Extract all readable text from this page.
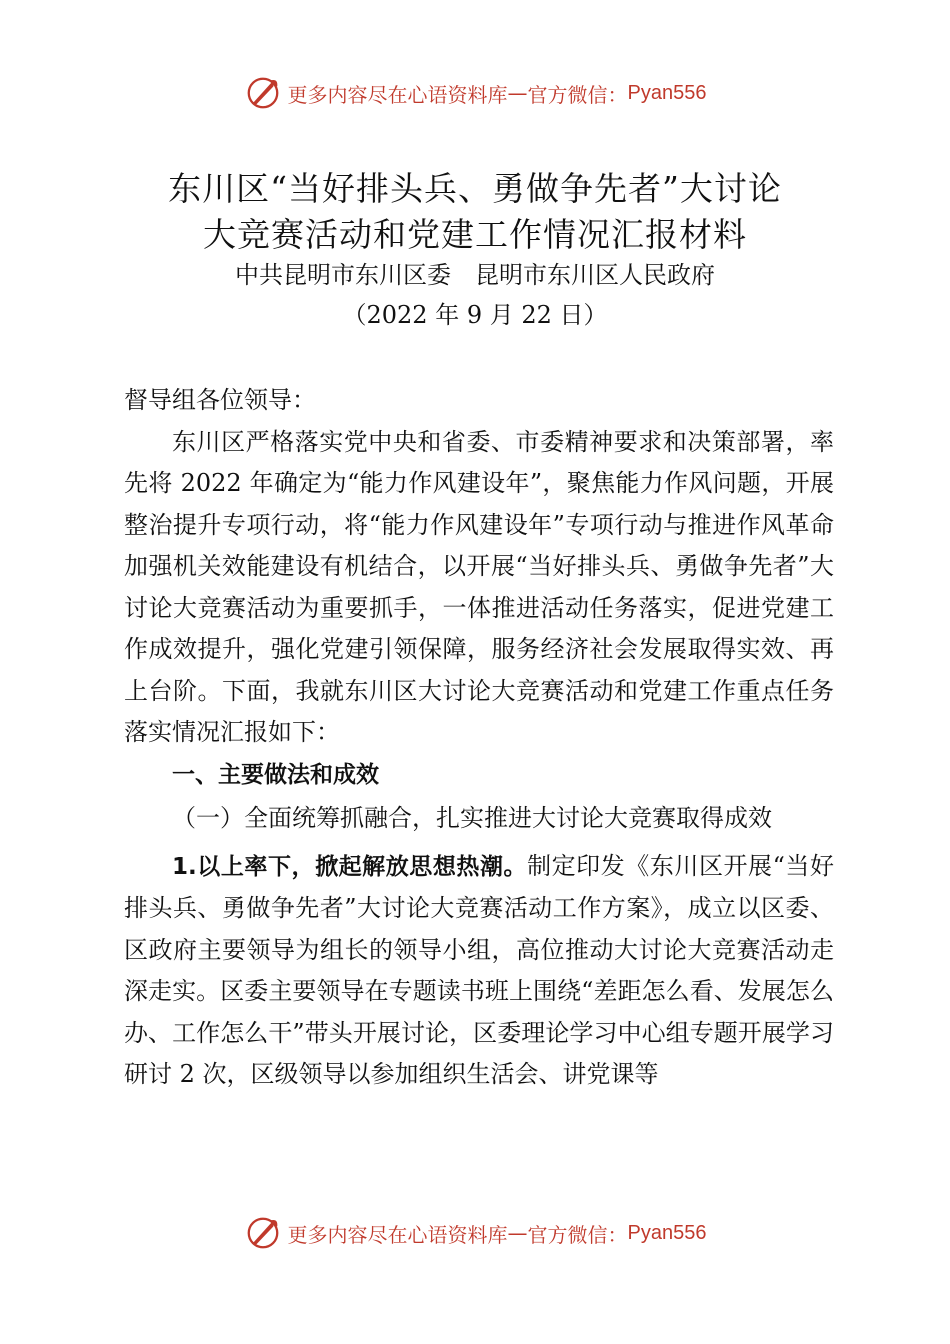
更多内容尽在心语资料库 — 官方微信： Pyan556
东川区“当好排头兵、勇做争先者”大讨论
大竞赛活动和党建工作情况汇报材料
中共昆明市东川区委　昆明市东川区人民政府
（2022 年 9 月 22 日）

督导组各位领导：

东川区严格落实党中央和省委、市委精神要求和决策部署，率先将 2022 年确定为“能力作风建设年”，聚焦能力作风问题，开展整治提升专项行动，将“能力作风建设年”专项行动与推进作风革命加强机关效能建设有机结合，以开展“当好排头兵、勇做争先者”大讨论大竞赛活动为重要抓手，一体推进活动任务落实，促进党建工作成效提升，强化党建引领保障，服务经济社会发展取得实效、再上台阶。下面，我就东川区大讨论大竞赛活动和党建工作重点任务落实情况汇报如下：

一、主要做法和成效

（一）全面统筹抓融合，扎实推进大讨论大竞赛取得成效

1.以上率下，掀起解放思想热潮。制定印发《东川区开展“当好排头兵、勇做争先者”大讨论大竞赛活动工作方案》，成立以区委、区政府主要领导为组长的领导小组，高位推动大讨论大竞赛活动走深走实。区委主要领导在专题读书班上围绕“差距怎么看、发展怎么办、工作怎么干”带头开展讨论，区委理论学习中心组专题开展学习研讨 2 次，区级领导以参加组织生活会、讲党课等

更多内容尽在心语资料库 — 官方微信： Pyan556
